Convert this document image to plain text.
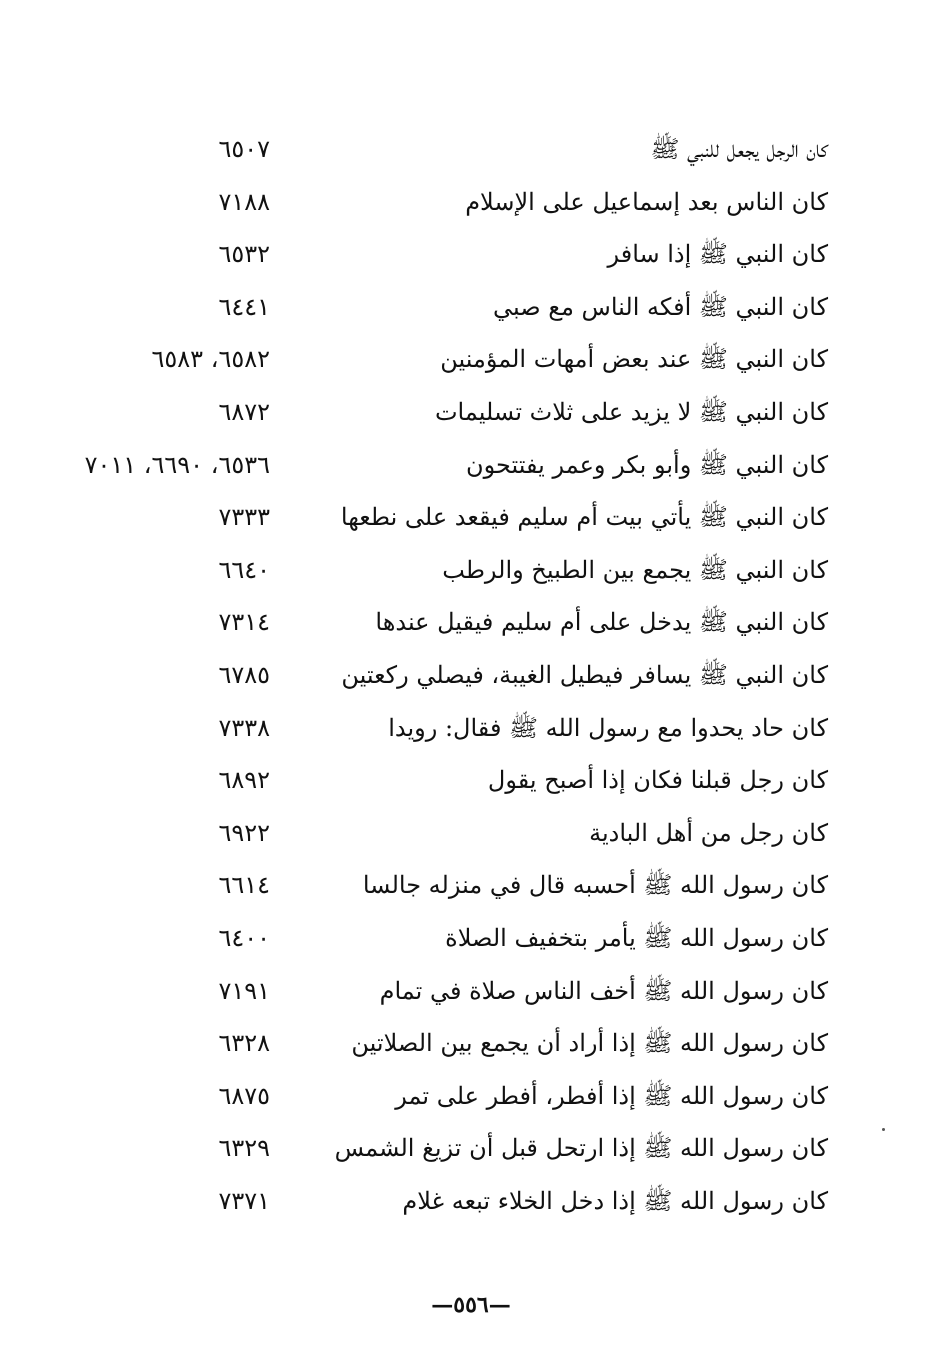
كان الرجل يجعل للنبي ﷺ
٦٥٠٧
كان الناس بعد إسماعيل على الإسلام
٧١٨٨
كان النبي ﷺ إذا سافر
٦٥٣٢
كان النبي ﷺ أفكه الناس مع صبي
٦٤٤١
كان النبي ﷺ عند بعض أمهات المؤمنين
٦٥٨٢، ٦٥٨٣
كان النبي ﷺ لا يزيد على ثلاث تسليمات
٦٨٧٢
كان النبي ﷺ وأبو بكر وعمر يفتتحون
٦٥٣٦، ٦٦٩٠، ٧٠١١
كان النبي ﷺ يأتي بيت أم سليم فيقعد على نطعها
٧٣٣٣
كان النبي ﷺ يجمع بين الطبيخ والرطب
٦٦٤٠
كان النبي ﷺ يدخل على أم سليم فيقيل عندها
٧٣١٤
كان النبي ﷺ يسافر فيطيل الغيبة، فيصلي ركعتين
٦٧٨٥
كان حاد يحدوا مع رسول الله ﷺ فقال: رويدا
٧٣٣٨
كان رجل قبلنا فكان إذا أصبح يقول
٦٨٩٢
كان رجل من أهل البادية
٦٩٢٢
كان رسول الله ﷺ أحسبه قال في منزله جالسا
٦٦١٤
كان رسول الله ﷺ يأمر بتخفيف الصلاة
٦٤٠٠
كان رسول الله ﷺ أخف الناس صلاة في تمام
٧١٩١
كان رسول الله ﷺ إذا أراد أن يجمع بين الصلاتين
٦٣٢٨
كان رسول الله ﷺ إذا أفطر، أفطر على تمر
٦٨٧٥
كان رسول الله ﷺ إذا ارتحل قبل أن تزيغ الشمس
٦٣٢٩
كان رسول الله ﷺ إذا دخل الخلاء تبعه غلام
٧٣٧١
—٥٥٦—
